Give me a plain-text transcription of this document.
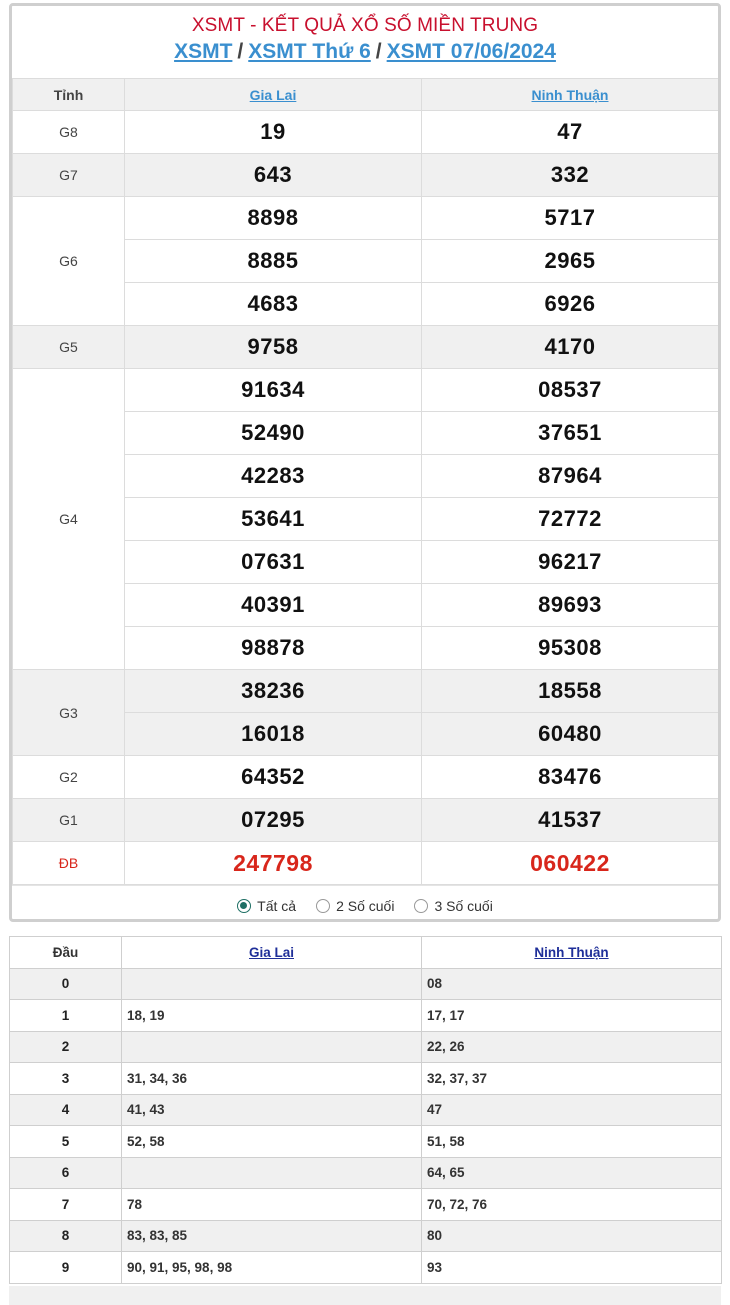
XSMT - KẾT QUẢ XỔ SỐ MIỀN TRUNG
XSMT / XSMT Thứ 6 / XSMT 07/06/2024
Tỉnh	Gia Lai	Ninh Thuận
G8	19	47
G7	643	332
G6	8898	5717
	8885	2965
	4683	6926
G5	9758	4170
G4	91634	08537
	52490	37651
	42283	87964
	53641	72772
	07631	96217
	40391	89693
	98878	95308
G3	38236	18558
	16018	60480
G2	64352	83476
G1	07295	41537
ĐB	247798	060422
Tất cả	2 Số cuối	3 Số cuối
Đầu	Gia Lai	Ninh Thuận
0		08
1	18, 19	17, 17
2		22, 26
3	31, 34, 36	32, 37, 37
4	41, 43	47
5	52, 58	51, 58
6		64, 65
7	78	70, 72, 76
8	83, 83, 85	80
9	90, 91, 95, 98, 98	93
